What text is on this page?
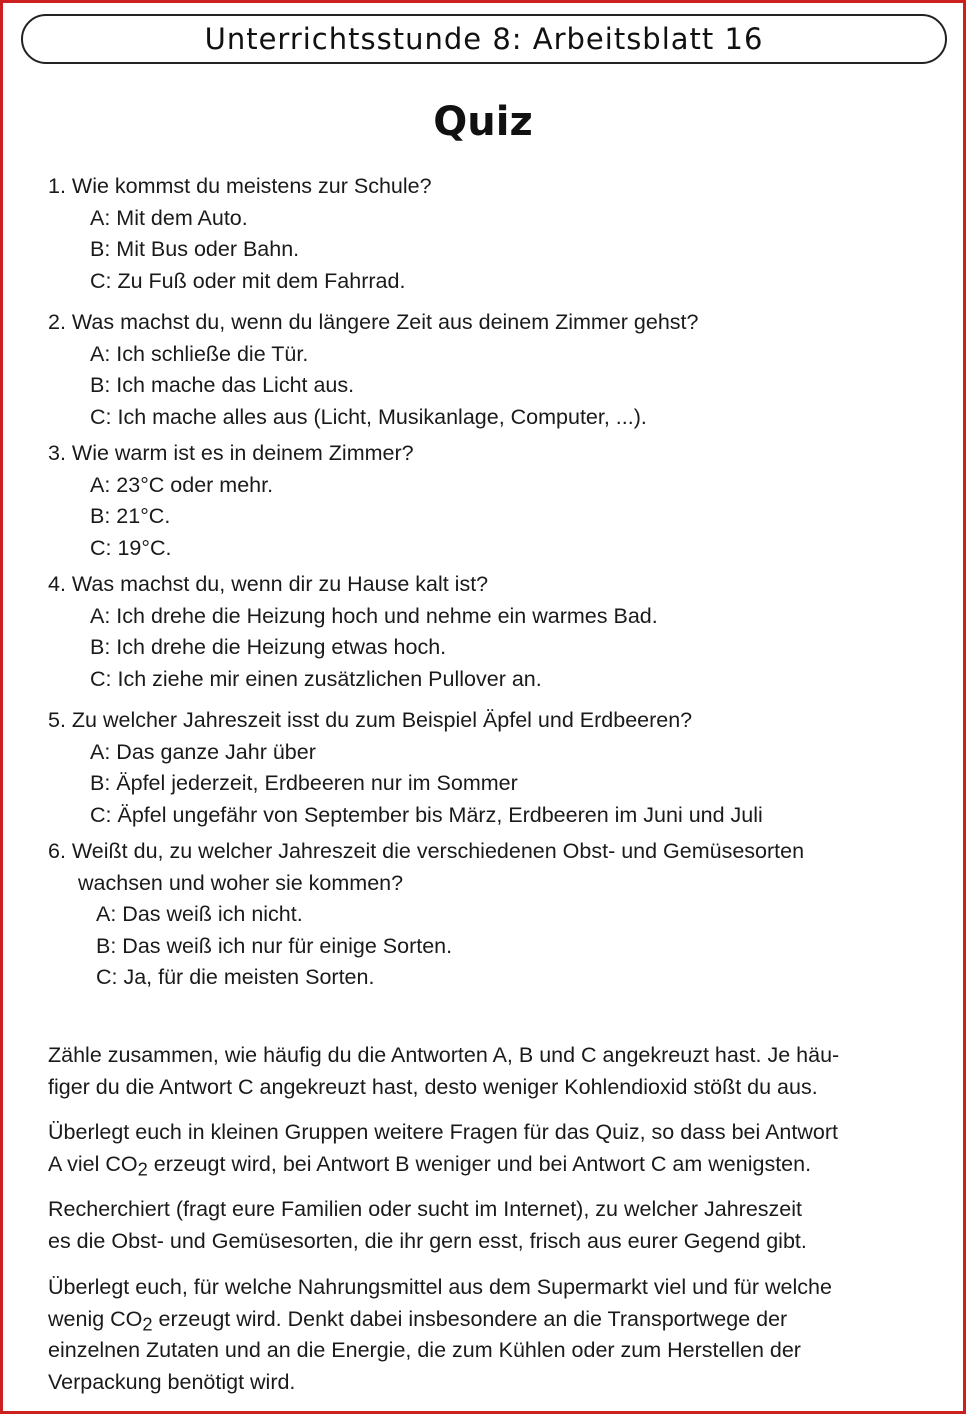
Unterrichtsstunde 8: Arbeitsblatt 16
Quiz
1. Wie kommst du meistens zur Schule?
A: Mit dem Auto.
B: Mit Bus oder Bahn.
C: Zu Fuß oder mit dem Fahrrad.
2. Was machst du, wenn du längere Zeit aus deinem Zimmer gehst?
A: Ich schließe die Tür.
B: Ich mache das Licht aus.
C: Ich mache alles aus (Licht, Musikanlage, Computer, ...).
3. Wie warm ist es in deinem Zimmer?
A: 23°C oder mehr.
B: 21°C.
C: 19°C.
4. Was machst du, wenn dir zu Hause kalt ist?
A: Ich drehe die Heizung hoch und nehme ein warmes Bad.
B: Ich drehe die Heizung etwas hoch.
C: Ich ziehe mir einen zusätzlichen Pullover an.
5. Zu welcher Jahreszeit isst du zum Beispiel Äpfel und Erdbeeren?
A: Das ganze Jahr über
B: Äpfel jederzeit, Erdbeeren nur im Sommer
C: Äpfel ungefähr von September bis März, Erdbeeren im Juni und Juli
6. Weißt du, zu welcher Jahreszeit die verschiedenen Obst- und Gemüsesorten
wachsen und woher sie kommen?
A: Das weiß ich nicht.
B: Das weiß ich nur für einige Sorten.
C: Ja, für die meisten Sorten.
Zähle zusammen, wie häufig du die Antworten A, B und C angekreuzt hast. Je häu-
figer du die Antwort C angekreuzt hast, desto weniger Kohlendioxid stößt du aus.
Überlegt euch in kleinen Gruppen weitere Fragen für das Quiz, so dass bei Antwort
A viel $CO_2$ erzeugt wird, bei Antwort B weniger und bei Antwort C am wenigsten.
Recherchiert (fragt eure Familien oder sucht im Internet), zu welcher Jahreszeit
es die Obst- und Gemüsesorten, die ihr gern esst, frisch aus eurer Gegend gibt.
Überlegt euch, für welche Nahrungsmittel aus dem Supermarkt viel und für welche
wenig $CO_2$ erzeugt wird. Denkt dabei insbesondere an die Transportwege der
einzelnen Zutaten und an die Energie, die zum Kühlen oder zum Herstellen der
Verpackung benötigt wird.
